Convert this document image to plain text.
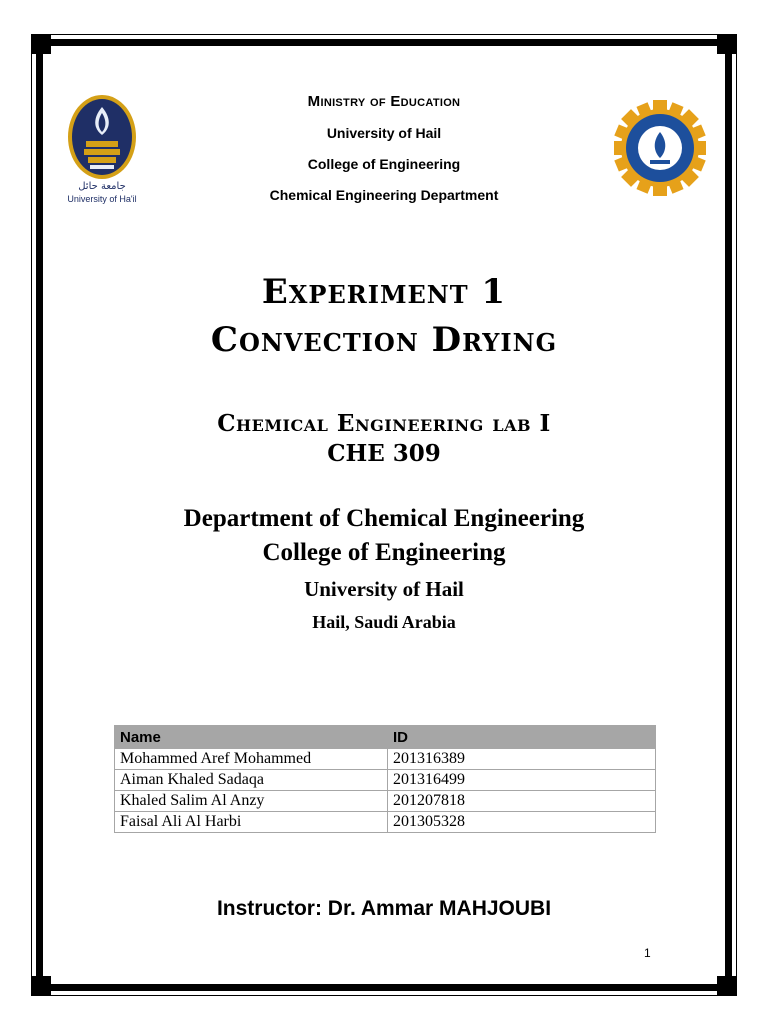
جامعة حائل
University of Ha'il
Ministry of Education
University of Hail
College of Engineering
Chemical Engineering Department
Experiment 1
Convection Drying
Chemical Engineering lab I
CHE 309
Department of Chemical Engineering
College of Engineering
University of Hail
Hail, Saudi Arabia
Name	ID
Mohammed Aref Mohammed	201316389
Aiman Khaled Sadaqa	201316499
Khaled Salim Al Anzy	201207818
Faisal Ali Al Harbi	201305328
Instructor: Dr. Ammar MAHJOUBI
1
